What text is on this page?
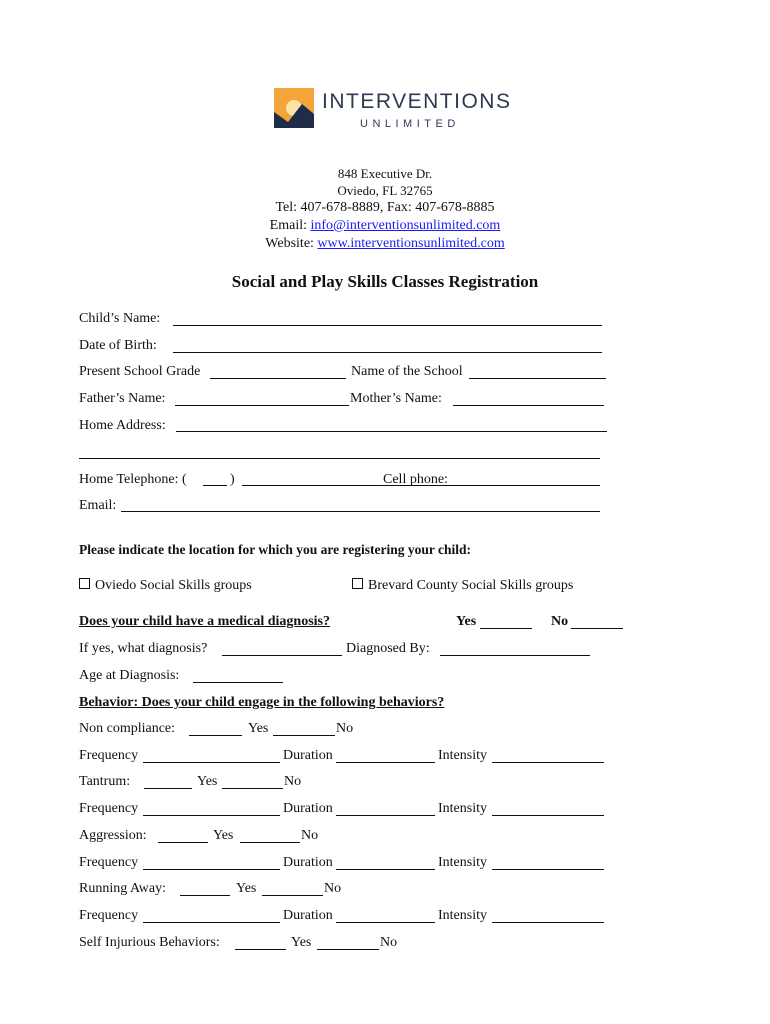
INTERVENTIONS
UNLIMITED
848 Executive Dr.
Oviedo, FL 32765
Tel: 407-678-8889, Fax: 407-678-8885
Email: info@interventionsunlimited.com
Website: www.interventionsunlimited.com
Social and Play Skills Classes Registration
Child’s Name:
Date of Birth:
Present School Grade	Name of the School
Father’s Name:	Mother’s Name:
Home Address:
Home Telephone: (	)	Cell phone:
Email:
Please indicate the location for which you are registering your child:
Oviedo Social Skills groups	Brevard County Social Skills groups
Does your child have a medical diagnosis?	Yes	No
If yes, what diagnosis?	Diagnosed By:
Age at Diagnosis:
Behavior: Does your child engage in the following behaviors?
Non compliance:	Yes	No
Frequency	Duration	Intensity
Tantrum:	Yes	No
Frequency	Duration	Intensity
Aggression:	Yes	No
Frequency	Duration	Intensity
Running Away:	Yes	No
Frequency	Duration	Intensity
Self Injurious Behaviors:	Yes	No
